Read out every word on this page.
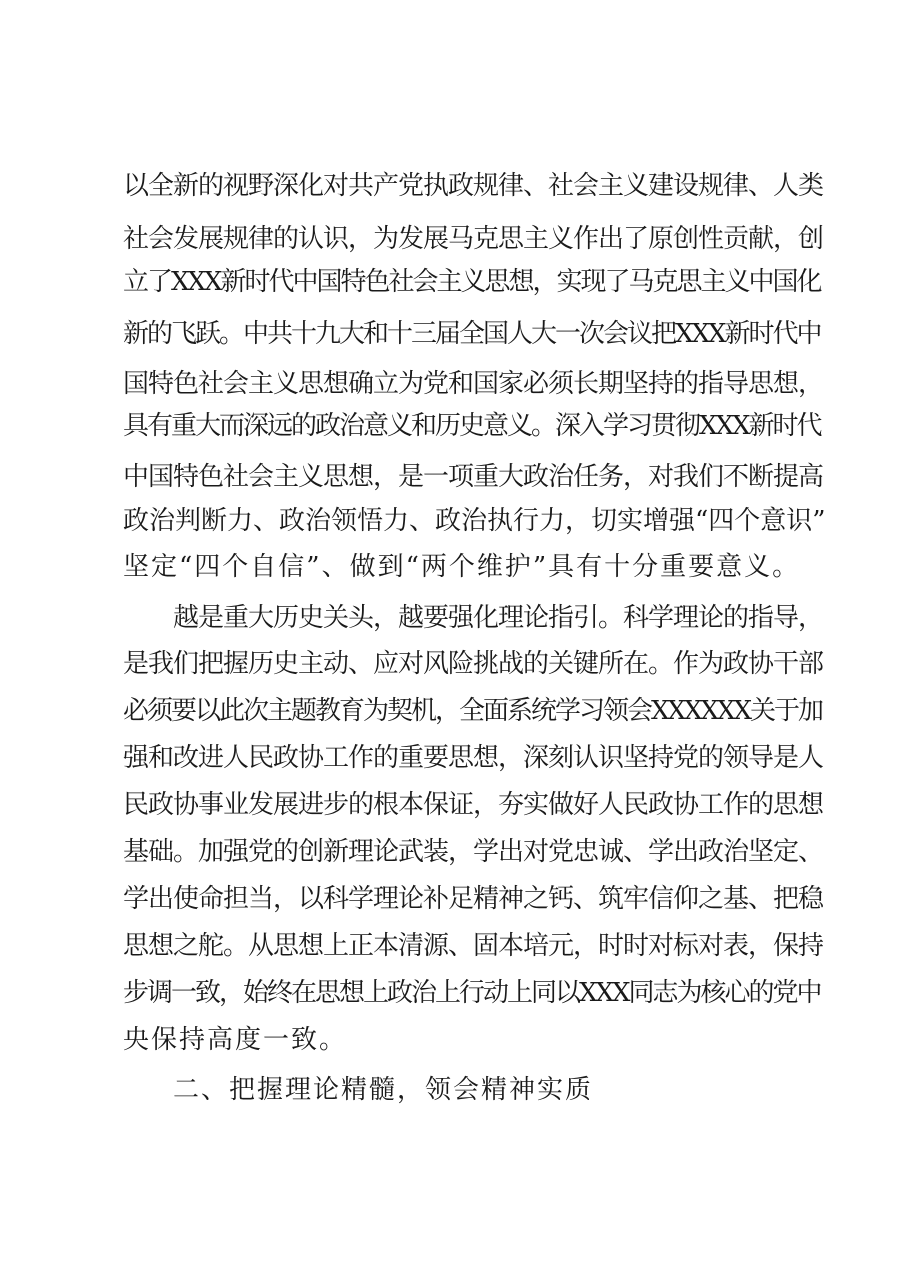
以全新的视野深化对共产党执政规律、社会主义建设规律、人类
社会发展规律的认识，为发展马克思主义作出了原创性贡献，创
立了XXX新时代中国特色社会主义思想，实现了马克思主义中国化
新的飞跃。中共十九大和十三届全国人大一次会议把XXX新时代中
国特色社会主义思想确立为党和国家必须长期坚持的指导思想，
具有重大而深远的政治意义和历史意义。深入学习贯彻XXX新时代
中国特色社会主义思想，是一项重大政治任务，对我们不断提高
政治判断力、政治领悟力、政治执行力，切实增强“四个意识”
坚定“四个自信”、做到“两个维护”具有十分重要意义。
越是重大历史关头，越要强化理论指引。科学理论的指导，
是我们把握历史主动、应对风险挑战的关键所在。作为政协干部
必须要以此次主题教育为契机，全面系统学习领会XXXXXX关于加
强和改进人民政协工作的重要思想，深刻认识坚持党的领导是人
民政协事业发展进步的根本保证，夯实做好人民政协工作的思想
基础。加强党的创新理论武装，学出对党忠诚、学出政治坚定、
学出使命担当，以科学理论补足精神之钙、筑牢信仰之基、把稳
思想之舵。从思想上正本清源、固本培元，时时对标对表，保持
步调一致，始终在思想上政治上行动上同以XXX同志为核心的党中
央保持高度一致。
二、把握理论精髓，领会精神实质
